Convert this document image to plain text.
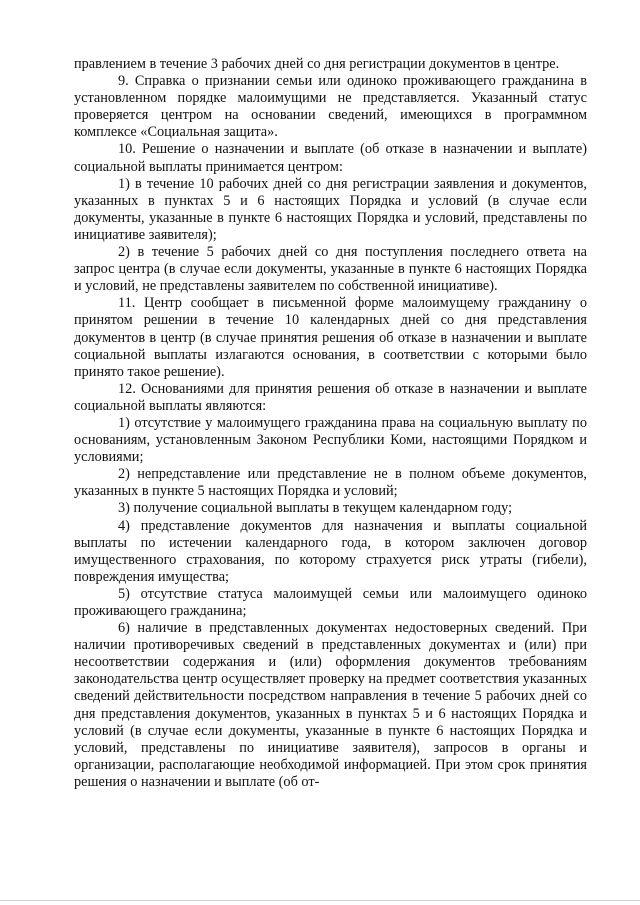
правлением в течение 3 рабочих дней со дня регистрации документов в центре.

9. Справка о признании семьи или одиноко проживающего гражданина в установленном порядке малоимущими не представляется. Указанный статус проверяется центром на основании сведений, имеющихся в программном комплексе «Социальная защита».

10. Решение о назначении и выплате (об отказе в назначении и выплате) социальной выплаты принимается центром:

1) в течение 10 рабочих дней со дня регистрации заявления и документов, указанных в пунктах 5 и 6 настоящих Порядка и условий (в случае если документы, указанные в пункте 6 настоящих Порядка и условий, представлены по инициативе заявителя);

2) в течение 5 рабочих дней со дня поступления последнего ответа на запрос центра (в случае если документы, указанные в пункте 6 настоящих Порядка и условий, не представлены заявителем по собственной инициативе).

11. Центр сообщает в письменной форме малоимущему гражданину о принятом решении в течение 10 календарных дней со дня представления документов в центр (в случае принятия решения об отказе в назначении и выплате социальной выплаты излагаются основания, в соответствии с которыми было принято такое решение).

12. Основаниями для принятия решения об отказе в назначении и выплате социальной выплаты являются:

1) отсутствие у малоимущего гражданина права на социальную выплату по основаниям, установленным Законом Республики Коми, настоящими Порядком и условиями;

2) непредставление или представление не в полном объеме документов, указанных в пункте 5 настоящих Порядка и условий;

3) получение социальной выплаты в текущем календарном году;

4) представление документов для назначения и выплаты социальной выплаты по истечении календарного года, в котором заключен договор имущественного страхования, по которому страхуется риск утраты (гибели), повреждения имущества;

5) отсутствие статуса малоимущей семьи или малоимущего одиноко проживающего гражданина;

6) наличие в представленных документах недостоверных сведений. При наличии противоречивых сведений в представленных документах и (или) при несоответствии содержания и (или) оформления документов требованиям законодательства центр осуществляет проверку на предмет соответствия указанных сведений действительности посредством направления в течение 5 рабочих дней со дня представления документов, указанных в пунктах 5 и 6 настоящих Порядка и условий (в случае если документы, указанные в пункте 6 настоящих Порядка и условий, представлены по инициативе заявителя), запросов в органы и организации, располагающие необходимой информацией. При этом срок принятия решения о назначении и выплате (об от-
